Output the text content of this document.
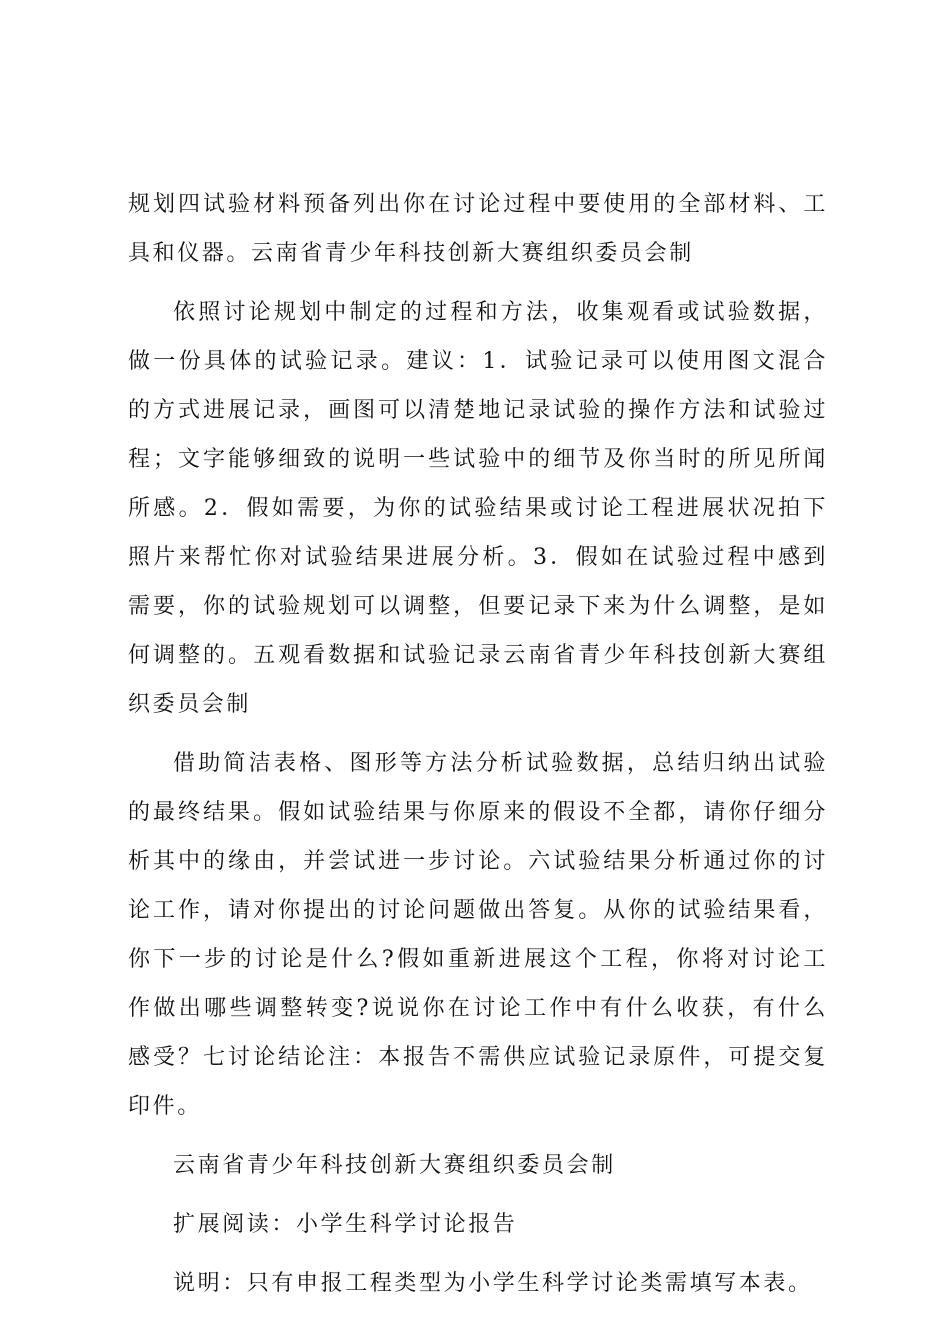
规划四试验材料预备列出你在讨论过程中要使用的全部材料、工具和仪器。云南省青少年科技创新大赛组织委员会制

依照讨论规划中制定的过程和方法，收集观看或试验数据，做一份具体的试验记录。建议：1．试验记录可以使用图文混合的方式进展记录，画图可以清楚地记录试验的操作方法和试验过程；文字能够细致的说明一些试验中的细节及你当时的所见所闻所感。2．假如需要，为你的试验结果或讨论工程进展状况拍下照片来帮忙你对试验结果进展分析。3．假如在试验过程中感到需要，你的试验规划可以调整，但要记录下来为什么调整，是如何调整的。五观看数据和试验记录云南省青少年科技创新大赛组织委员会制

借助简洁表格、图形等方法分析试验数据，总结归纳出试验的最终结果。假如试验结果与你原来的假设不全都，请你仔细分析其中的缘由，并尝试进一步讨论。六试验结果分析通过你的讨论工作，请对你提出的讨论问题做出答复。从你的试验结果看，你下一步的讨论是什么?假如重新进展这个工程，你将对讨论工作做出哪些调整转变?说说你在讨论工作中有什么收获，有什么感受？七讨论结论注：本报告不需供应试验记录原件，可提交复印件。

云南省青少年科技创新大赛组织委员会制

扩展阅读：小学生科学讨论报告

说明：只有申报工程类型为小学生科学讨论类需填写本表。
